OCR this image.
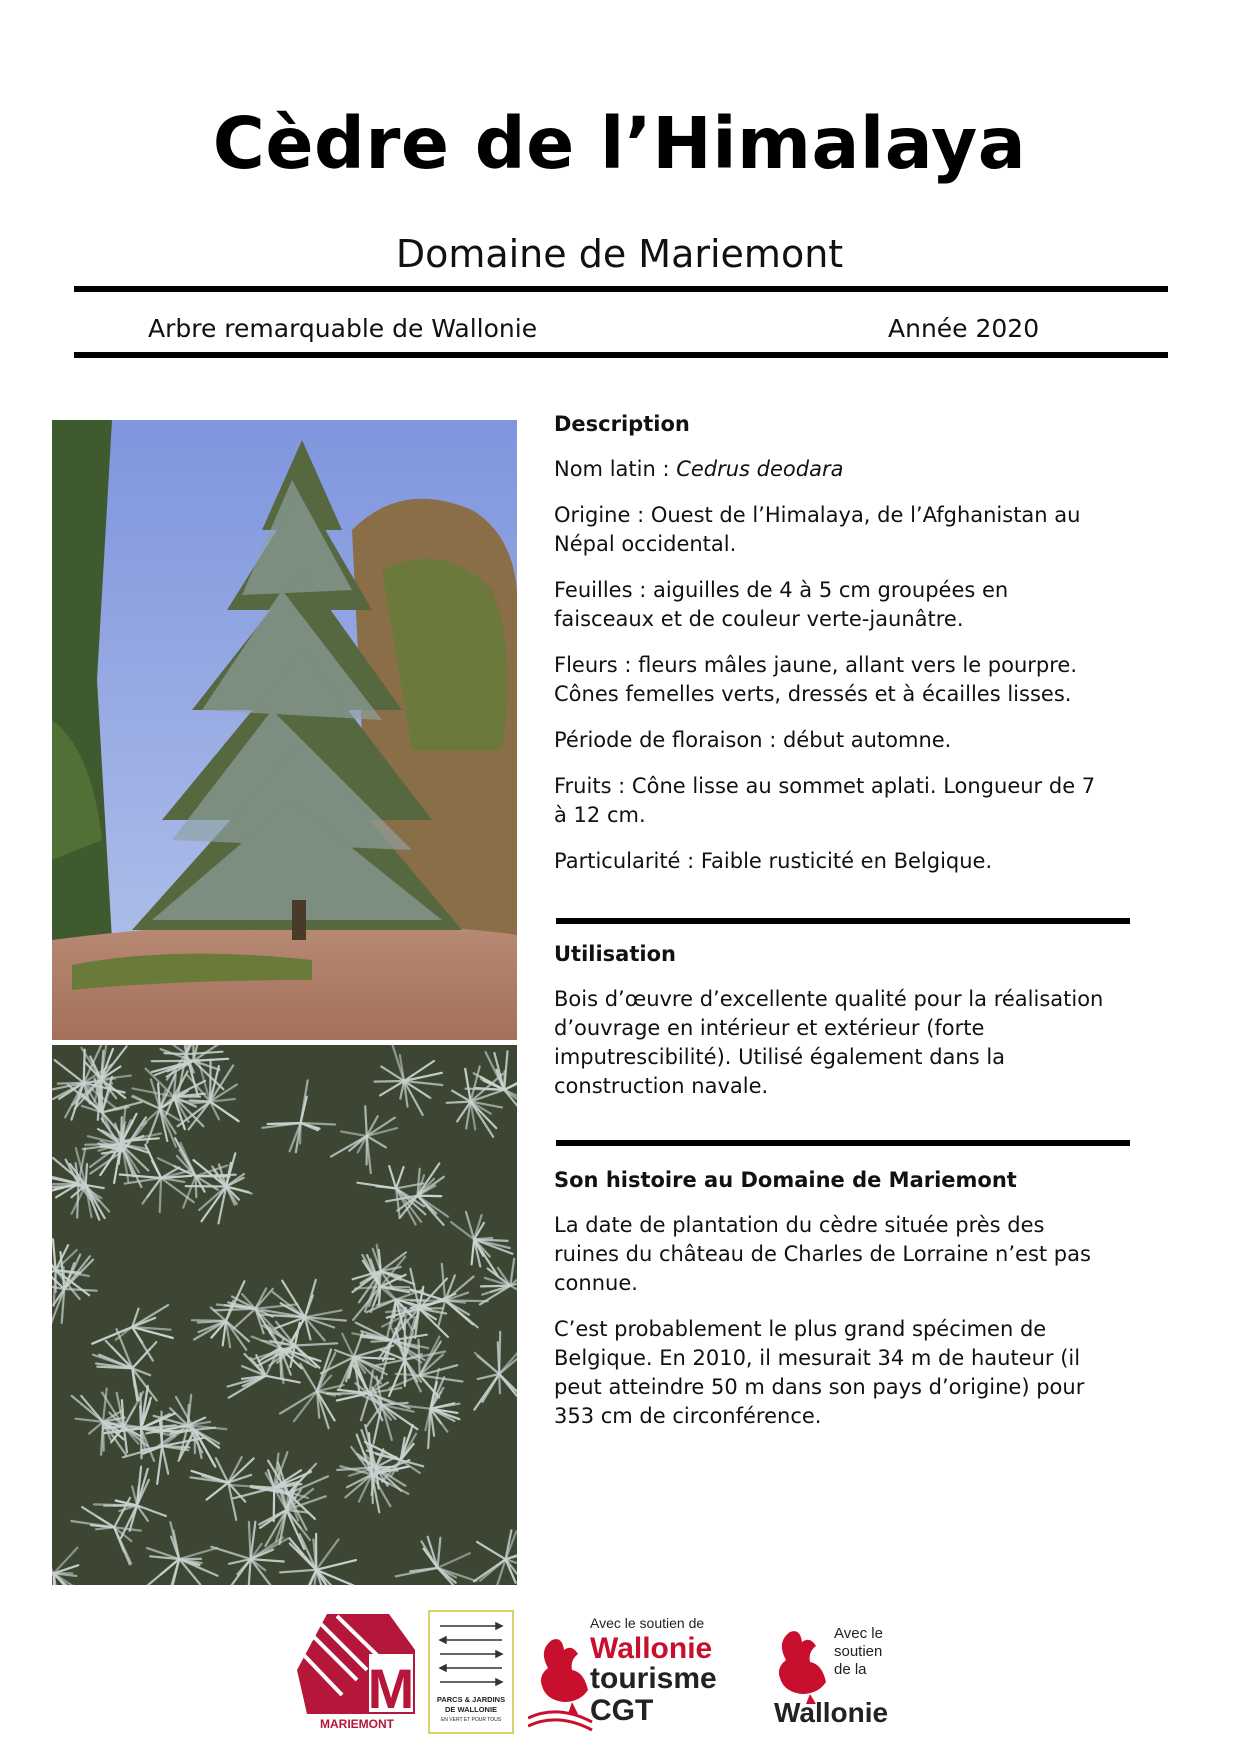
Cèdre de l’Himalaya
Domaine de Mariemont
Arbre remarquable de Wallonie	Année 2020

Description

Nom latin : Cedrus deodara

Origine : Ouest de l’Himalaya, de l’Afghanistan au Népal occidental.

Feuilles : aiguilles de 4 à 5 cm groupées en faisceaux et de couleur verte-jaunâtre.

Fleurs : fleurs mâles jaune, allant vers le pourpre. Cônes femelles verts, dressés et à écailles lisses.

Période de floraison : début automne.

Fruits : Cône lisse au sommet aplati. Longueur de 7 à 12 cm.

Particularité : Faible rusticité en Belgique.

Utilisation

Bois d’œuvre d’excellente qualité pour la réalisation d’ouvrage en intérieur et extérieur (forte imputrescibilité). Utilisé également dans la construction navale.

Son histoire au Domaine de Mariemont

La date de plantation du cèdre située près des ruines du château de Charles de Lorraine n’est pas connue.

C’est probablement le plus grand spécimen de Belgique. En 2010, il mesurait 34 m de hauteur (il peut atteindre 50 m dans son pays d’origine) pour 353 cm de circonférence.

M
MARIEMONT
PARCS & JARDINS
DE WALLONIE
EN VERT ET POUR TOUS
Avec le soutien de
Wallonie
tourisme
CGT
Avec le
soutien
de la
Wallonie
